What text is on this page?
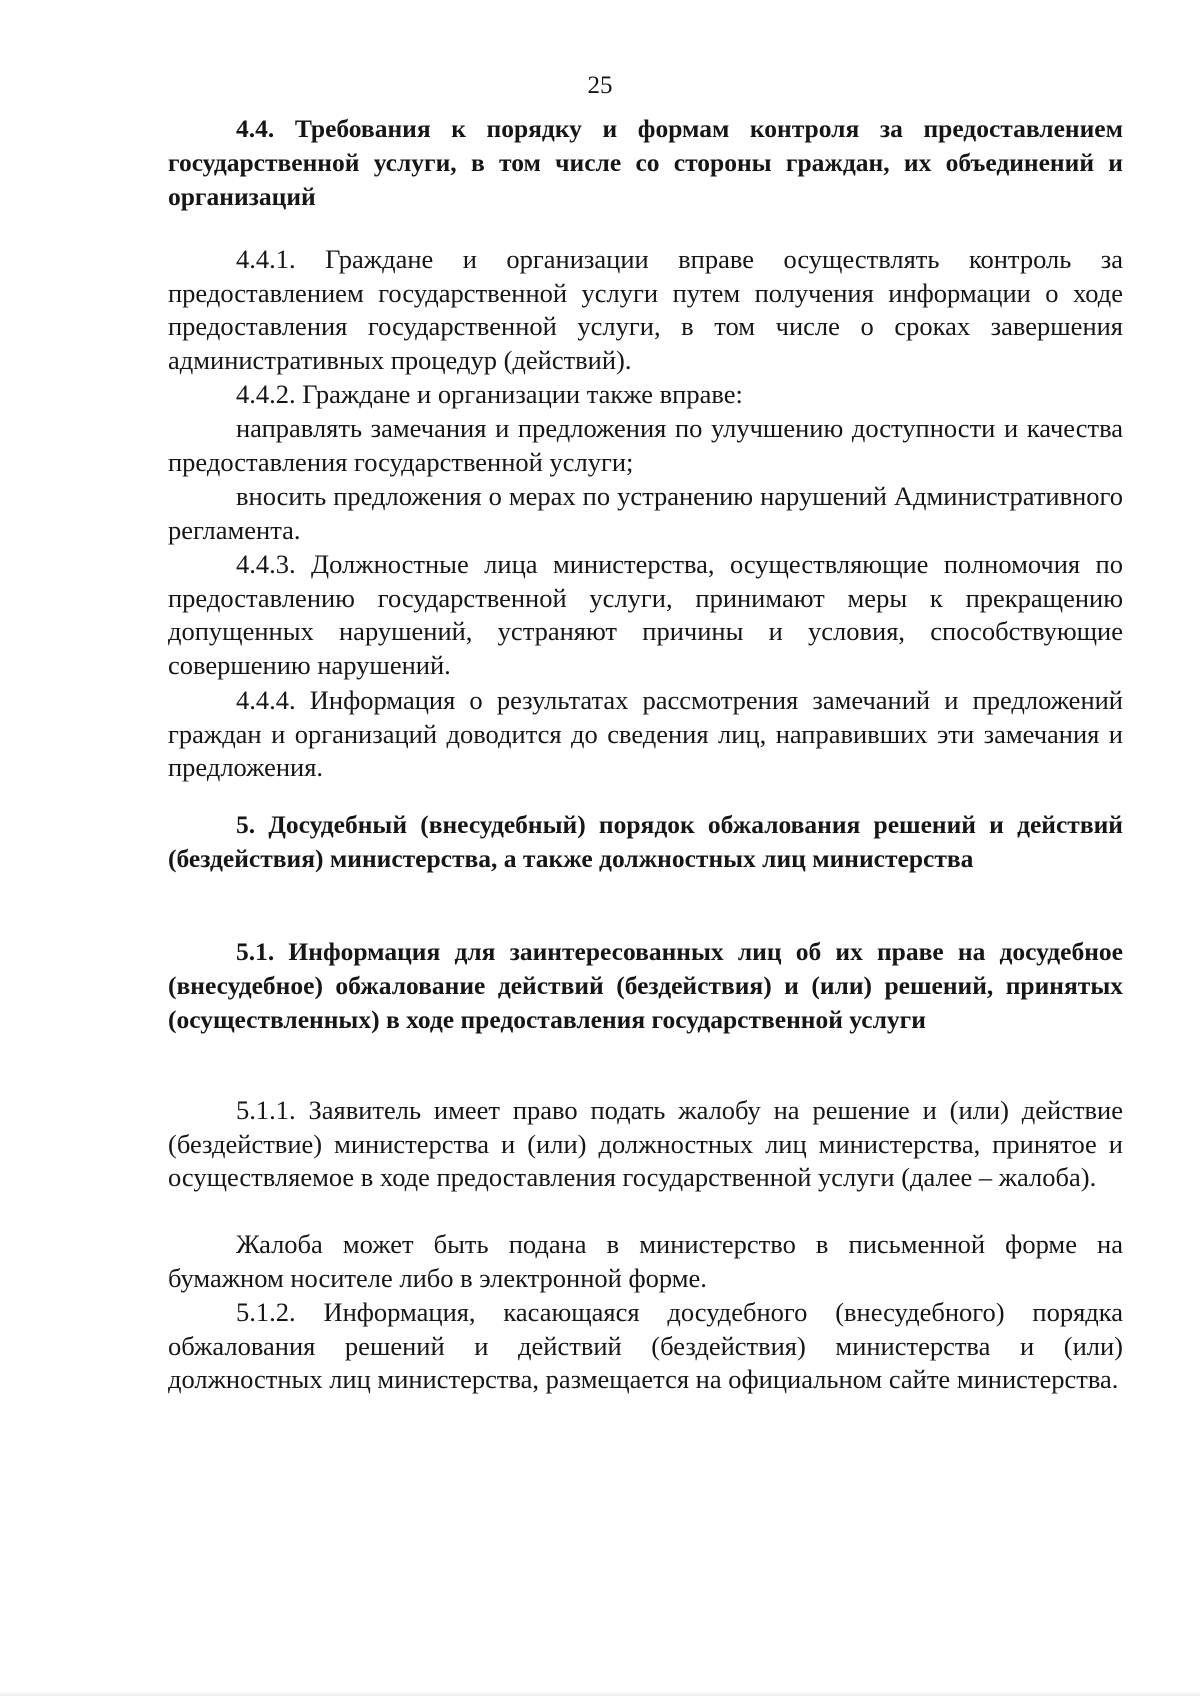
25

4.4. Требования к порядку и формам контроля за предоставлением государственной услуги, в том числе со стороны граждан, их объединений и организаций

4.4.1. Граждане и организации вправе осуществлять контроль за предоставлением государственной услуги путем получения информации о ходе предоставления государственной услуги, в том числе о сроках завершения административных процедур (действий).

4.4.2. Граждане и организации также вправе:

направлять замечания и предложения по улучшению доступности и качества предоставления государственной услуги;

вносить предложения о мерах по устранению нарушений Административного регламента.

4.4.3. Должностные лица министерства, осуществляющие полномочия по предоставлению государственной услуги, принимают меры к прекращению допущенных нарушений, устраняют причины и условия, способствующие совершению нарушений.

4.4.4. Информация о результатах рассмотрения замечаний и предложений граждан и организаций доводится до сведения лиц, направивших эти замечания и предложения.

5. Досудебный (внесудебный) порядок обжалования решений и действий (бездействия) министерства, а также должностных лиц министерства

5.1. Информация для заинтересованных лиц об их праве на досудебное (внесудебное) обжалование действий (бездействия) и (или) решений, принятых (осуществленных) в ходе предоставления государственной услуги

5.1.1. Заявитель имеет право подать жалобу на решение и (или) действие (бездействие) министерства и (или) должностных лиц министерства, принятое и осуществляемое в ходе предоставления государственной услуги (далее – жалоба).

Жалоба может быть подана в министерство в письменной форме на бумажном носителе либо в электронной форме.

5.1.2. Информация, касающаяся досудебного (внесудебного) порядка обжалования решений и действий (бездействия) министерства и (или) должностных лиц министерства, размещается на официальном сайте министерства.
